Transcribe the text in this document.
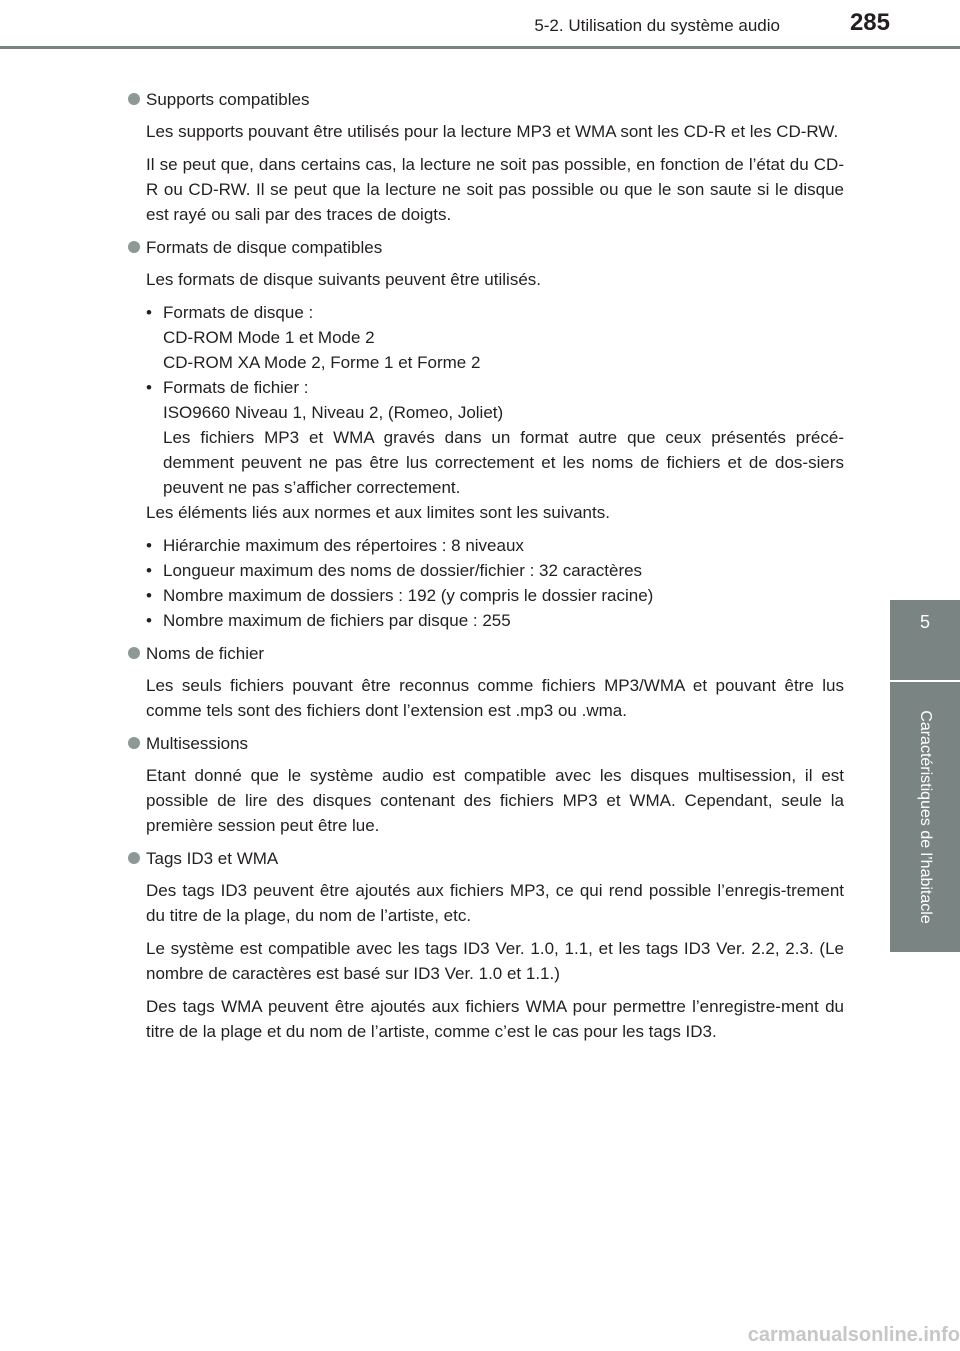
5-2. Utilisation du système audio	285
5
Caractéristiques de l’habitacle
Supports compatibles

Les supports pouvant être utilisés pour la lecture MP3 et WMA sont les CD-R et les CD-RW.

Il se peut que, dans certains cas, la lecture ne soit pas possible, en fonction de l’état du CD-R ou CD-RW. Il se peut que la lecture ne soit pas possible ou que le son saute si le disque est rayé ou sali par des traces de doigts.

Formats de disque compatibles

Les formats de disque suivants peuvent être utilisés.

• Formats de disque :
CD-ROM Mode 1 et Mode 2
CD-ROM XA Mode 2, Forme 1 et Forme 2
• Formats de fichier :
ISO9660 Niveau 1, Niveau 2, (Romeo, Joliet)
Les fichiers MP3 et WMA gravés dans un format autre que ceux présentés précé-demment peuvent ne pas être lus correctement et les noms de fichiers et de dos-siers peuvent ne pas s’afficher correctement.

Les éléments liés aux normes et aux limites sont les suivants.

• Hiérarchie maximum des répertoires : 8 niveaux
• Longueur maximum des noms de dossier/fichier : 32 caractères
• Nombre maximum de dossiers : 192 (y compris le dossier racine)
• Nombre maximum de fichiers par disque : 255
Noms de fichier

Les seuls fichiers pouvant être reconnus comme fichiers MP3/WMA et pouvant être lus comme tels sont des fichiers dont l’extension est .mp3 ou .wma.

Multisessions

Etant donné que le système audio est compatible avec les disques multisession, il est possible de lire des disques contenant des fichiers MP3 et WMA. Cependant, seule la première session peut être lue.

Tags ID3 et WMA

Des tags ID3 peuvent être ajoutés aux fichiers MP3, ce qui rend possible l’enregis-trement du titre de la plage, du nom de l’artiste, etc.

Le système est compatible avec les tags ID3 Ver. 1.0, 1.1, et les tags ID3 Ver. 2.2, 2.3. (Le nombre de caractères est basé sur ID3 Ver. 1.0 et 1.1.)

Des tags WMA peuvent être ajoutés aux fichiers WMA pour permettre l’enregistre-ment du titre de la plage et du nom de l’artiste, comme c’est le cas pour les tags ID3.

carmanualsonline.info
